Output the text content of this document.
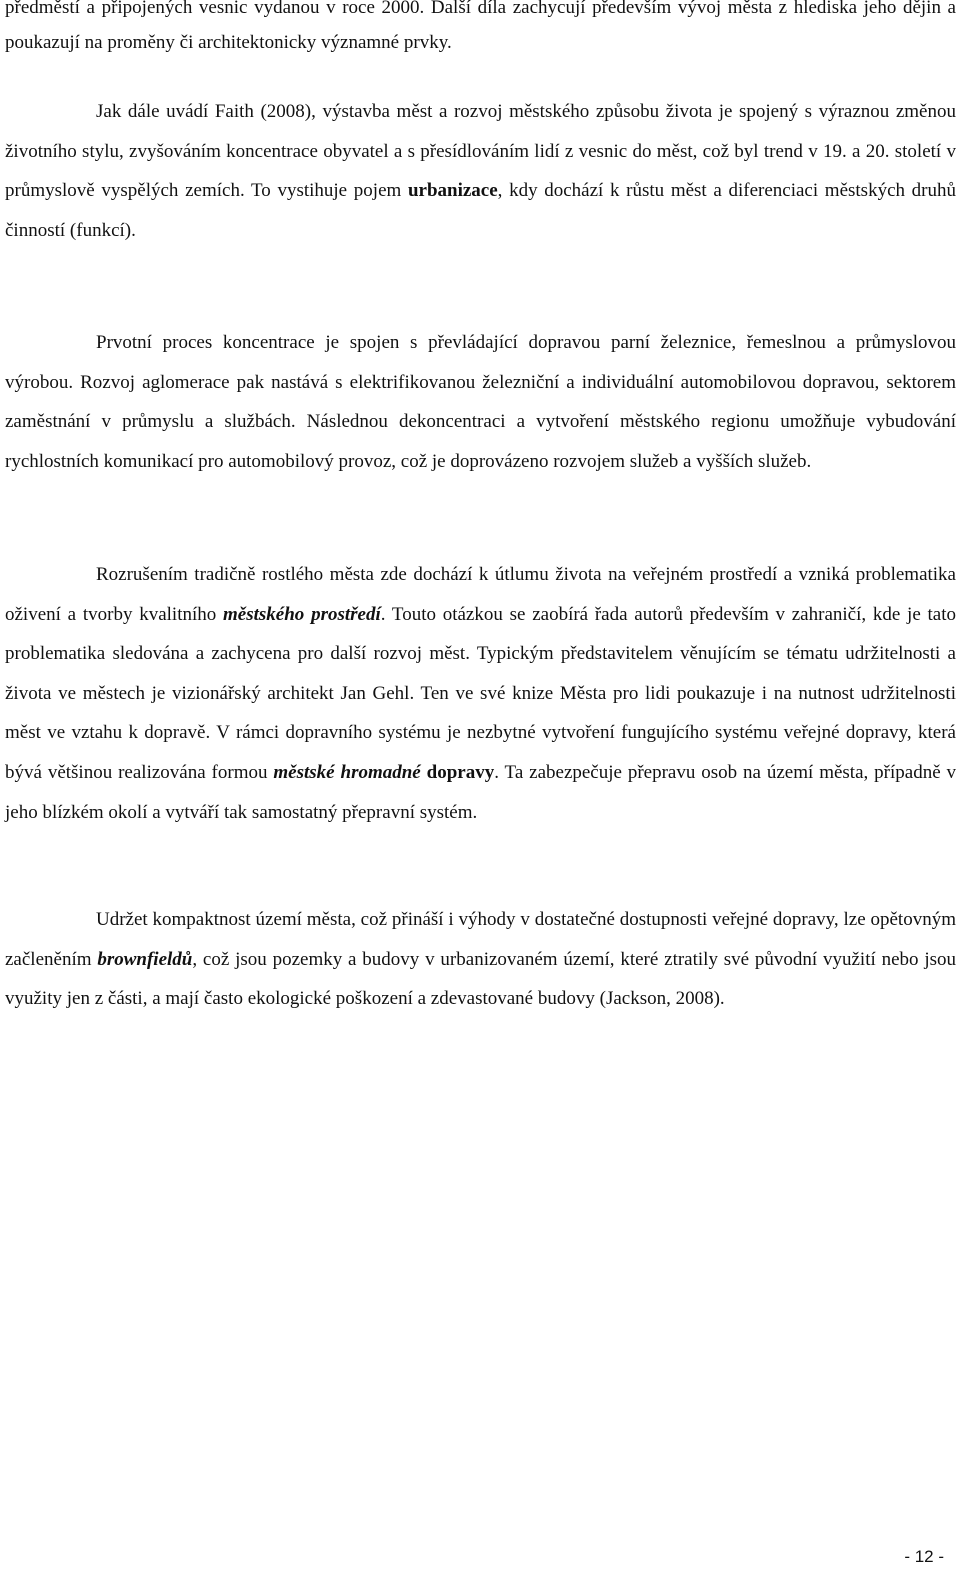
předměstí a připojených vesnic vydanou v roce 2000. Další díla zachycují především vývoj města z hlediska jeho dějin a poukazují na proměny či architektonicky významné prvky.

Jak dále uvádí Faith (2008), výstavba měst a rozvoj městského způsobu života je spojený s výraznou změnou životního stylu, zvyšováním koncentrace obyvatel a s přesídlováním lidí z vesnic do měst, což byl trend v 19. a 20. století v průmyslově vyspělých zemích. To vystihuje pojem urbanizace, kdy dochází k růstu měst a diferenciaci městských druhů činností (funkcí).

Prvotní proces koncentrace je spojen s převládající dopravou parní železnice, řemeslnou a průmyslovou výrobou. Rozvoj aglomerace pak nastává s elektrifikovanou železniční a individuální automobilovou dopravou, sektorem zaměstnání v průmyslu a službách. Následnou dekoncentraci a vytvoření městského regionu umožňuje vybudování rychlostních komunikací pro automobilový provoz, což je doprovázeno rozvojem služeb a vyšších služeb.

Rozrušením tradičně rostlého města zde dochází k útlumu života na veřejném prostředí a vzniká problematika oživení a tvorby kvalitního městského prostředí. Touto otázkou se zaobírá řada autorů především v zahraničí, kde je tato problematika sledována a zachycena pro další rozvoj měst. Typickým představitelem věnujícím se tématu udržitelnosti a života ve městech je vizionářský architekt Jan Gehl. Ten ve své knize Města pro lidi poukazuje i na nutnost udržitelnosti měst ve vztahu k dopravě. V rámci dopravního systému je nezbytné vytvoření fungujícího systému veřejné dopravy, která bývá většinou realizována formou městské hromadné dopravy. Ta zabezpečuje přepravu osob na území města, případně v jeho blízkém okolí a vytváří tak samostatný přepravní systém.

Udržet kompaktnost území města, což přináší i výhody v dostatečné dostupnosti veřejné dopravy, lze opětovným začleněním brownfieldů, což jsou pozemky a budovy v urbanizovaném území, které ztratily své původní využití nebo jsou využity jen z části, a mají často ekologické poškození a zdevastované budovy (Jackson, 2008).

- 12 -
